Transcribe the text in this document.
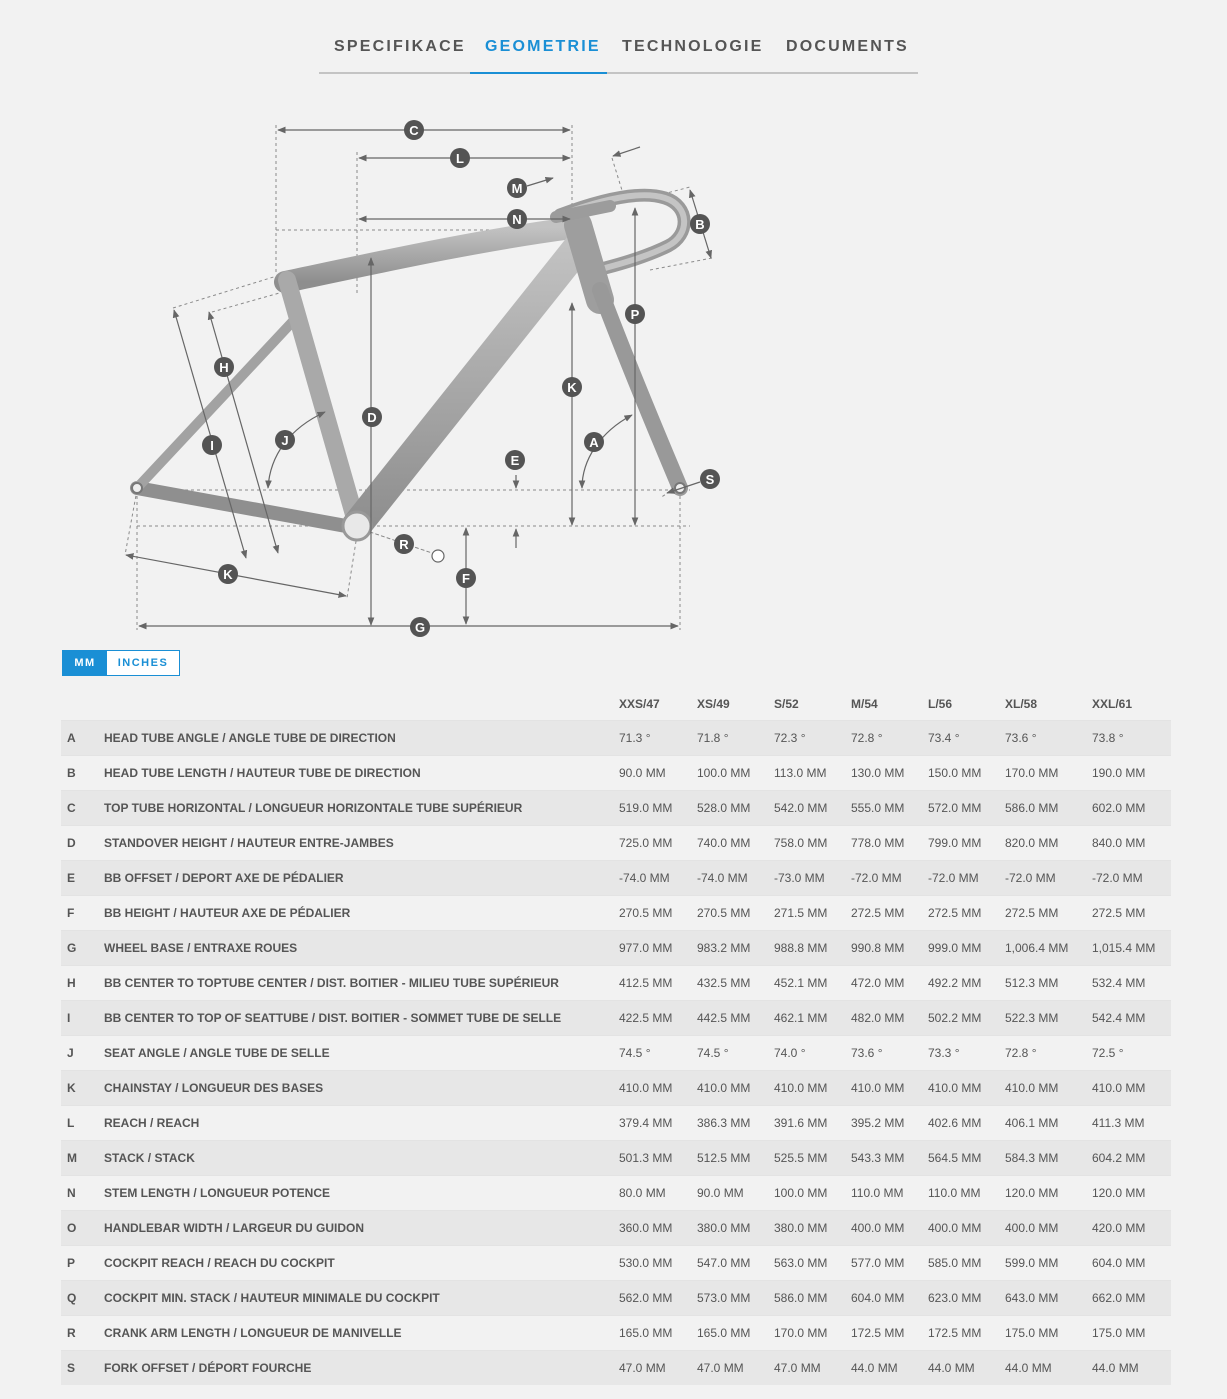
SPECIFIKACE GEOMETRIE TECHNOLOGIE DOCUMENTS
C
L
M
N	B
P
H
K
D
J	A
I
E
S
R
K	F
G
MM	INCHES
		XXS/47	XS/49	S/52	M/54	L/56	XL/58	XXL/61
A	HEAD TUBE ANGLE / ANGLE TUBE DE DIRECTION	71.3 °	71.8 °	72.3 °	72.8 °	73.4 °	73.6 °	73.8 °
B	HEAD TUBE LENGTH / HAUTEUR TUBE DE DIRECTION	90.0 MM	100.0 MM	113.0 MM	130.0 MM	150.0 MM	170.0 MM	190.0 MM
C	TOP TUBE HORIZONTAL / LONGUEUR HORIZONTALE TUBE SUPÉRIEUR	519.0 MM	528.0 MM	542.0 MM	555.0 MM	572.0 MM	586.0 MM	602.0 MM
D	STANDOVER HEIGHT / HAUTEUR ENTRE-JAMBES	725.0 MM	740.0 MM	758.0 MM	778.0 MM	799.0 MM	820.0 MM	840.0 MM
E	BB OFFSET / DEPORT AXE DE PÉDALIER	-74.0 MM	-74.0 MM	-73.0 MM	-72.0 MM	-72.0 MM	-72.0 MM	-72.0 MM
F	BB HEIGHT / HAUTEUR AXE DE PÉDALIER	270.5 MM	270.5 MM	271.5 MM	272.5 MM	272.5 MM	272.5 MM	272.5 MM
G	WHEEL BASE / ENTRAXE ROUES	977.0 MM	983.2 MM	988.8 MM	990.8 MM	999.0 MM	1,006.4 MM	1,015.4 MM
H	BB CENTER TO TOPTUBE CENTER / DIST. BOITIER - MILIEU TUBE SUPÉRIEUR	412.5 MM	432.5 MM	452.1 MM	472.0 MM	492.2 MM	512.3 MM	532.4 MM
I	BB CENTER TO TOP OF SEATTUBE / DIST. BOITIER - SOMMET TUBE DE SELLE	422.5 MM	442.5 MM	462.1 MM	482.0 MM	502.2 MM	522.3 MM	542.4 MM
J	SEAT ANGLE / ANGLE TUBE DE SELLE	74.5 °	74.5 °	74.0 °	73.6 °	73.3 °	72.8 °	72.5 °
K	CHAINSTAY / LONGUEUR DES BASES	410.0 MM	410.0 MM	410.0 MM	410.0 MM	410.0 MM	410.0 MM	410.0 MM
L	REACH / REACH	379.4 MM	386.3 MM	391.6 MM	395.2 MM	402.6 MM	406.1 MM	411.3 MM
M	STACK / STACK	501.3 MM	512.5 MM	525.5 MM	543.3 MM	564.5 MM	584.3 MM	604.2 MM
N	STEM LENGTH / LONGUEUR POTENCE	80.0 MM	90.0 MM	100.0 MM	110.0 MM	110.0 MM	120.0 MM	120.0 MM
O	HANDLEBAR WIDTH / LARGEUR DU GUIDON	360.0 MM	380.0 MM	380.0 MM	400.0 MM	400.0 MM	400.0 MM	420.0 MM
P	COCKPIT REACH / REACH DU COCKPIT	530.0 MM	547.0 MM	563.0 MM	577.0 MM	585.0 MM	599.0 MM	604.0 MM
Q	COCKPIT MIN. STACK / HAUTEUR MINIMALE DU COCKPIT	562.0 MM	573.0 MM	586.0 MM	604.0 MM	623.0 MM	643.0 MM	662.0 MM
R	CRANK ARM LENGTH / LONGUEUR DE MANIVELLE	165.0 MM	165.0 MM	170.0 MM	172.5 MM	172.5 MM	175.0 MM	175.0 MM
S	FORK OFFSET / DÉPORT FOURCHE	47.0 MM	47.0 MM	47.0 MM	44.0 MM	44.0 MM	44.0 MM	44.0 MM
